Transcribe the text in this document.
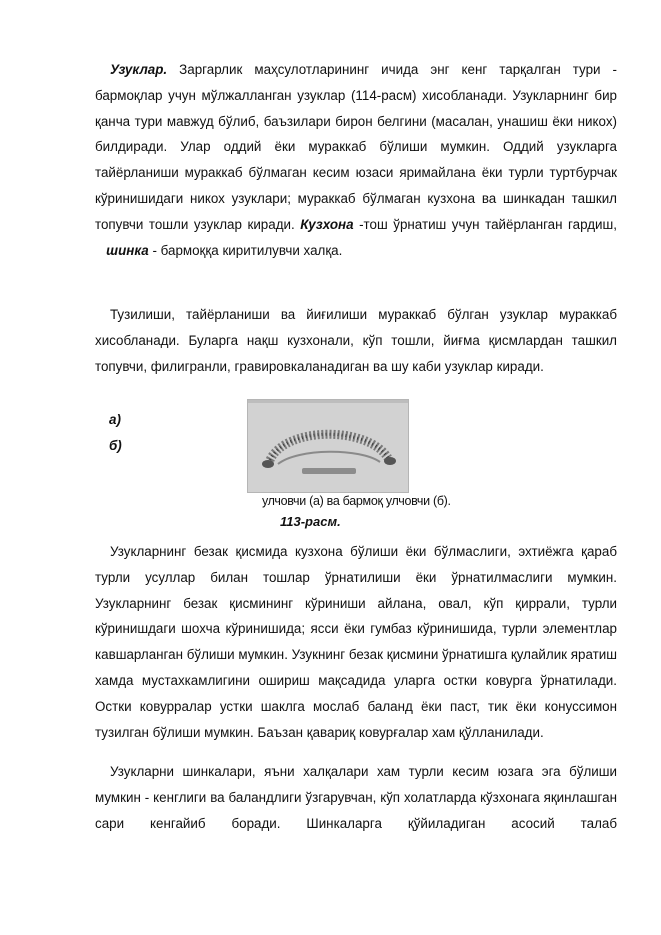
Узуклар. Заргарлик маҳсулотларининг ичида энг кенг тарқалган тури - бармоқлар учун мўлжалланган узуклар (114-расм) хисобланади. Узукларнинг бир қанча тури мавжуд бўлиб, баъзилари бирон белгини (масалан, унашиш ёки никох) билдиради. Улар оддий ёки мураккаб бўлиши мумкин. Оддий узукларга тайёрланиши мураккаб бўлмаган кесим юзаси яримайлана ёки турли туртбурчак кўринишидаги никох узуклари; мураккаб бўлмаган кузхона ва шинкадан ташкил топувчи тошли узуклар киради. Кузхона -тош ўрнатиш учун тайёрланган гардиш,    шинка - бармоққа киритилувчи халқа.

Тузилиши, тайёрланиши ва йиғилиши мураккаб бўлган узуклар мураккаб хисобланади. Буларга нақш кузхонали, кўп тошли, йиғма қисмлардан ташкил топувчи, филигранли, гравировкаланадиган ва шу каби узуклар киради.

а)
б)
улчовчи (а) ва бармоқ улчовчи (б).
113-расм.

Узукларнинг безак қисмида кузхона бўлиши ёки бўлмаслиги, эхтиёжга қараб турли усуллар билан тошлар ўрнатилиши ёки ўрнатилмаслиги мумкин. Узукларнинг безак қисмининг кўриниши айлана, овал, кўп қиррали, турли кўринишдаги шохча кўринишида; ясси ёки гумбаз кўринишида, турли элементлар кавшарланган бўлиши мумкин. Узукнинг безак қисмини ўрнатишга қулайлик яратиш хамда мустахкамлигини ошириш мақсадида уларга остки ковурга ўрнатилади. Остки ковурралар устки шаклга мослаб баланд ёки паст, тик ёки конуссимон тузилган бўлиши мумкин. Баъзан қавариқ ковурғалар хам қўлланилади.

Узукларни шинкалари, яъни халқалари хам турли кесим юзага эга бўлиши мумкин - кенглиги ва баландлиги ўзгарувчан, кўп холатларда кўзхонага яқинлашган сари кенгайиб боради. Шинкаларга қўйиладиган асосий талаб
